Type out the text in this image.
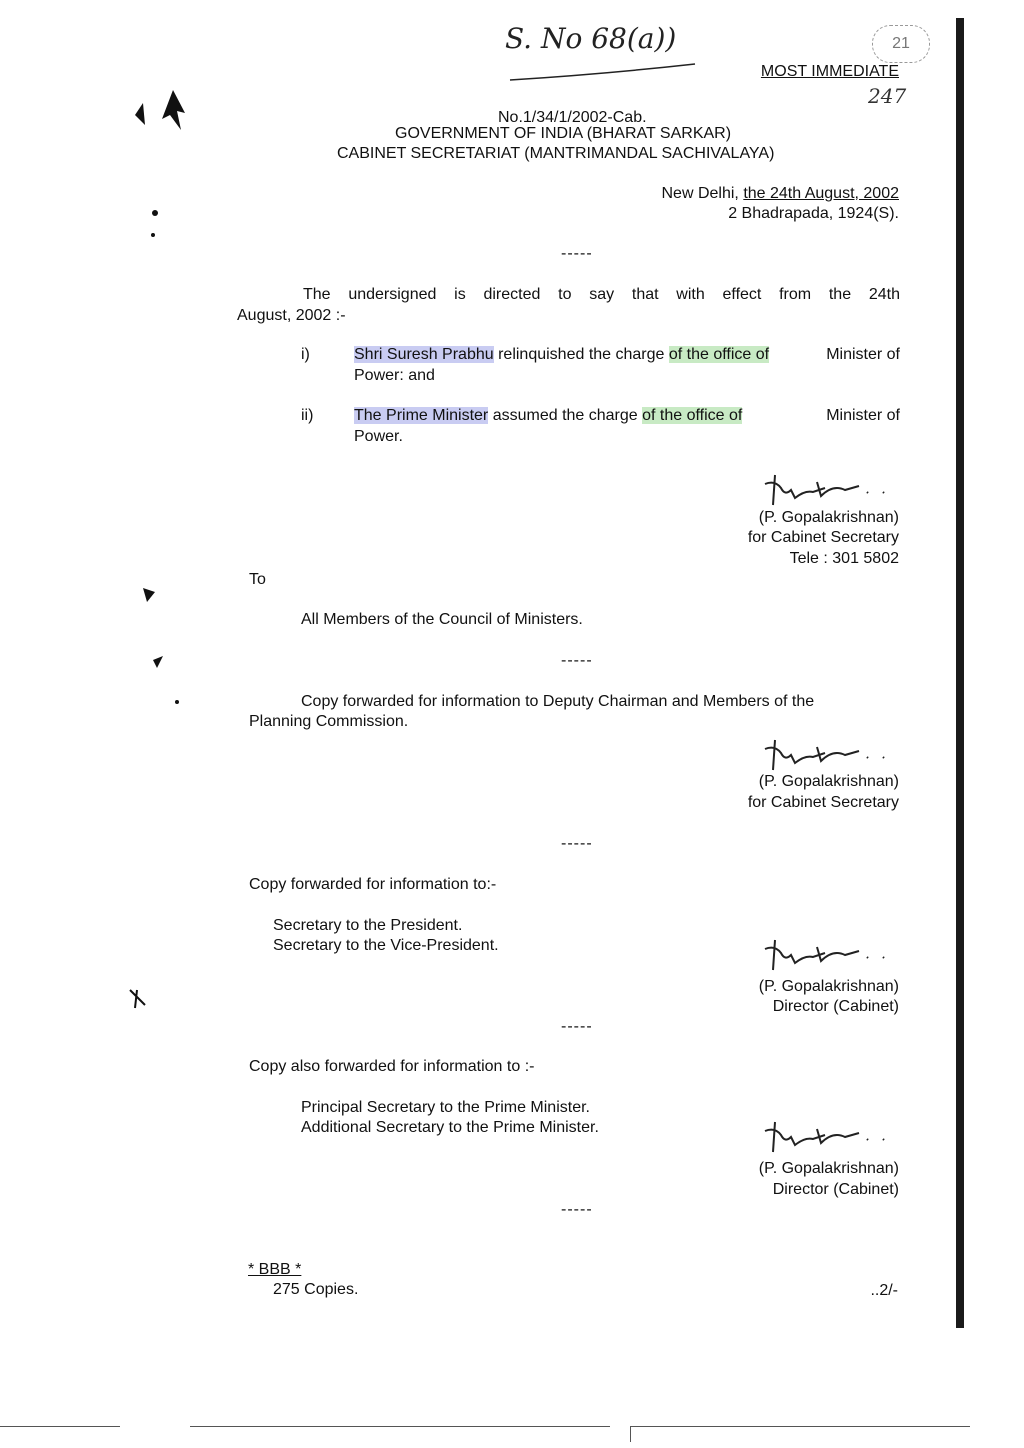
S. No 68(a))	21
247
MOST IMMEDIATE
No.1/34/1/2002-Cab.
GOVERNMENT OF INDIA (BHARAT SARKAR)
CABINET SECRETARIAT (MANTRIMANDAL SACHIVALAYA)
New Delhi, the 24th August, 2002
2 Bhadrapada, 1924(S).
-----
The undersigned is directed to say that with effect from the 24th
August, 2002 :-
i)	Shri Suresh Prabhu relinquished the charge of the office of	Minister of
Power: and
ii)	The Prime Minister assumed the charge of the office of	Minister of
Power.
(P. Gopalakrishnan)
for Cabinet Secretary
Tele : 301 5802
To
All Members of the Council of Ministers.
-----
Copy forwarded for information to Deputy Chairman and Members of the
Planning Commission.
(P. Gopalakrishnan)
for Cabinet Secretary
-----
Copy forwarded for information to:-
Secretary to the President.
Secretary to the Vice-President.
(P. Gopalakrishnan)
Director (Cabinet)
-----
Copy also forwarded for information to :-
Principal Secretary to the Prime Minister.
Additional Secretary to the Prime Minister.
(P. Gopalakrishnan)
Director (Cabinet)
-----
* BBB *
275 Copies.	..2/-
